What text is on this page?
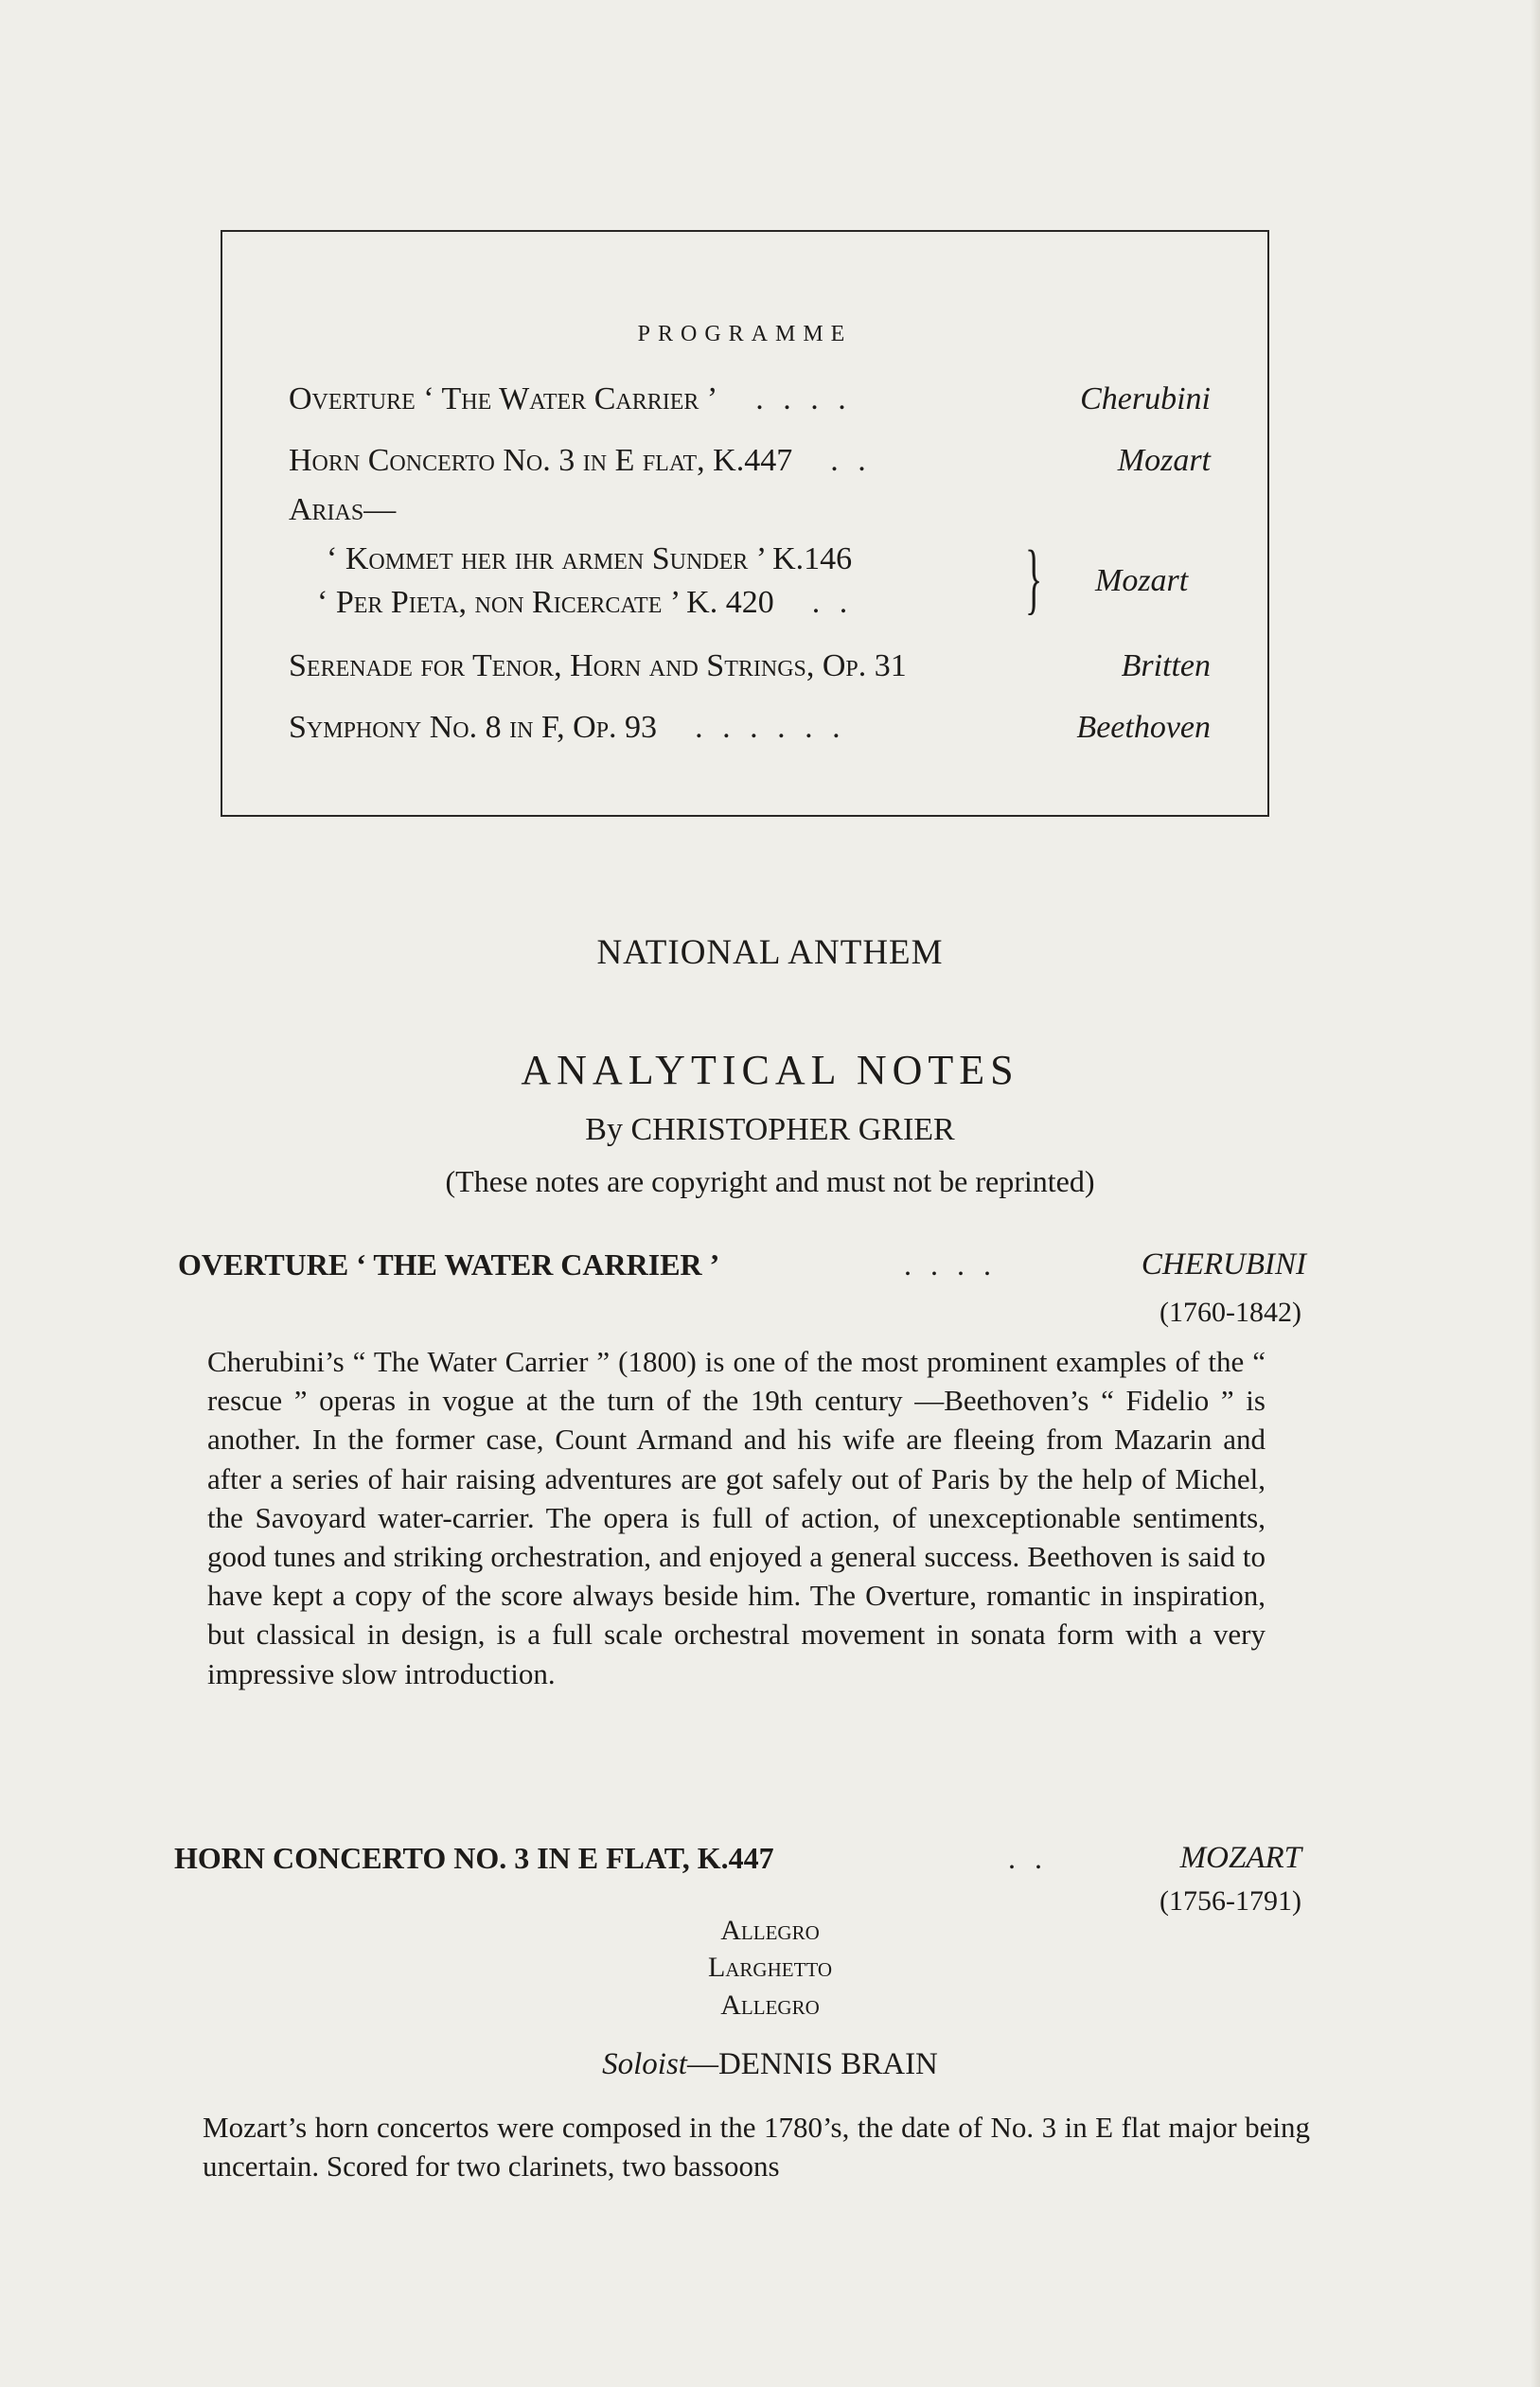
PROGRAMME
Overture ‘ The Water Carrier ’ . . . .	Cherubini
Horn Concerto No. 3 in E flat, K.447 . .	Mozart
Arias—
‘ Kommet her ihr armen Sunder ’ K.146
‘ Per Pieta, non Ricercate ’ K. 420 . . } Mozart
Serenade for Tenor, Horn and Strings, Op. 31	Britten
Symphony No. 8 in F, Op. 93 . . . . . .	Beethoven
NATIONAL ANTHEM
ANALYTICAL NOTES
By CHRISTOPHER GRIER
(These notes are copyright and must not be reprinted)
OVERTURE ‘ THE WATER CARRIER ’	. . . .	CHERUBINI
(1760-1842)
Cherubini’s “ The Water Carrier ” (1800) is one of the most prominent examples of the “ rescue ” operas in vogue at the turn of the 19th century —Beethoven’s “ Fidelio ” is another. In the former case, Count Armand and his wife are fleeing from Mazarin and after a series of hair raising adventures are got safely out of Paris by the help of Michel, the Savoyard water-carrier. The opera is full of action, of unexceptionable sentiments, good tunes and striking orchestration, and enjoyed a general success. Beethoven is said to have kept a copy of the score always beside him. The Overture, romantic in inspiration, but classical in design, is a full scale orchestral movement in sonata form with a very impressive slow introduction.
HORN CONCERTO NO. 3 IN E FLAT, K.447	. .	MOZART
(1756-1791)
Allegro
Larghetto
Allegro
Soloist—DENNIS BRAIN
Mozart’s horn concertos were composed in the 1780’s, the date of No. 3 in E flat major being uncertain. Scored for two clarinets, two bassoons
